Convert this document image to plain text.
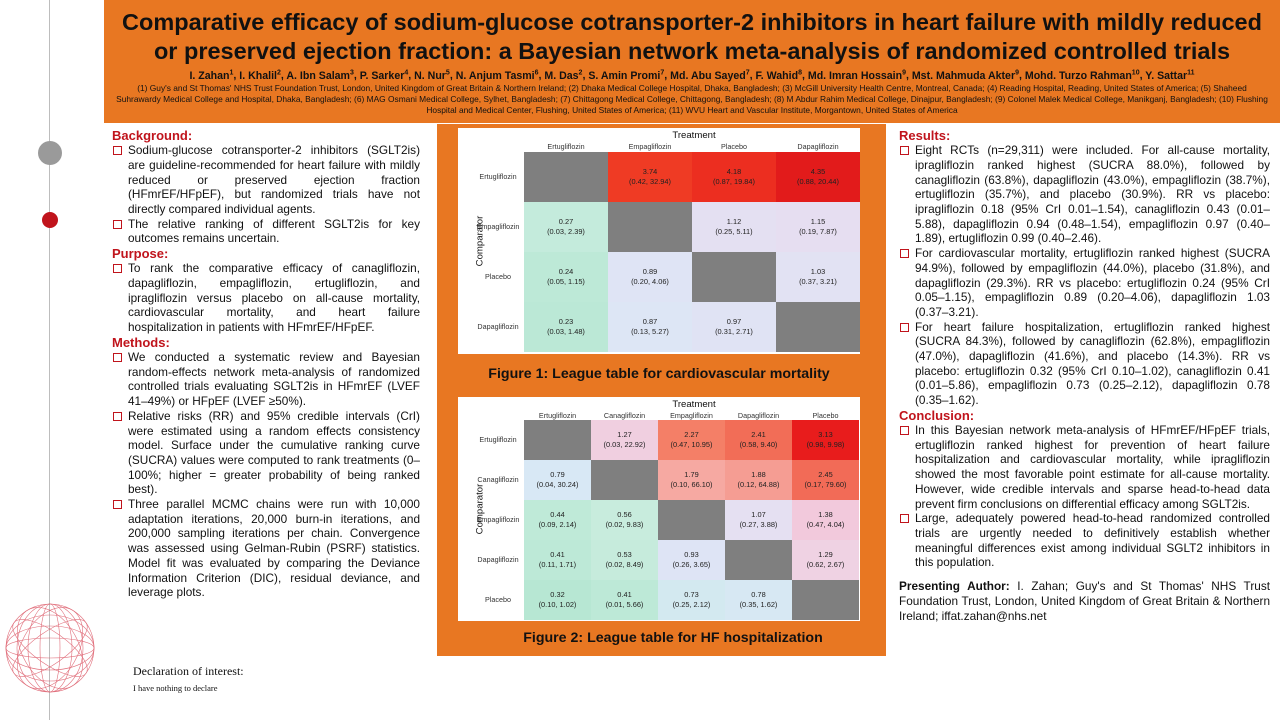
Comparative efficacy of sodium-glucose cotransporter-2 inhibitors in heart failure with mildly reduced
or preserved ejection fraction: a Bayesian network meta-analysis of randomized controlled trials
I. Zahan$^1$, I. Khalil$^2$, A. Ibn Salam$^3$, P. Sarker$^4$, N. Nur$^5$, N. Anjum Tasmi$^6$, M. Das$^2$, S. Amin Promi$^7$, Md. Abu Sayed$^7$, F. Wahid$^8$, Md. Imran Hossain$^9$, Mst. Mahmuda Akter$^9$, Mohd. Turzo Rahman$^{10}$, Y. Sattar$^{11}$
(1) Guy's and St Thomas' NHS Trust Foundation Trust, London, United Kingdom of Great Britain & Northern Ireland; (2) Dhaka Medical College Hospital, Dhaka, Bangladesh; (3) McGill University Health Centre, Montreal, Canada; (4) Reading Hospital, Reading, United States of America; (5) Shaheed Suhrawardy Medical College and Hospital, Dhaka, Bangladesh; (6) MAG Osmani Medical College, Sylhet, Bangladesh; (7) Chittagong Medical College, Chittagong, Bangladesh; (8) M Abdur Rahim Medical College, Dinajpur, Bangladesh; (9) Colonel Malek Medical College, Manikganj, Bangladesh; (10) Flushing Hospital and Medical Center, Flushing, United States of America; (11) WVU Heart and Vascular Institute, Morgantown, United States of America
Background:
Sodium-glucose cotransporter-2 inhibitors (SGLT2is) are guideline-recommended for heart failure with mildly reduced or preserved ejection fraction (HFmrEF/HFpEF), but randomized trials have not directly compared individual agents.
The relative ranking of different SGLT2is for key outcomes remains uncertain.
Purpose:
To rank the comparative efficacy of canagliflozin, dapagliflozin, empagliflozin, ertugliflozin, and ipragliflozin versus placebo on all-cause mortality, cardiovascular mortality, and heart failure hospitalization in patients with HFmrEF/HFpEF.
Methods:
We conducted a systematic review and Bayesian random-effects network meta-analysis of randomized controlled trials evaluating SGLT2is in HFmrEF (LVEF 41–49%) or HFpEF (LVEF ≥50%).
Relative risks (RR) and 95% credible intervals (CrI) were estimated using a random effects consistency model. Surface under the cumulative ranking curve (SUCRA) values were computed to rank treatments (0–100%; higher = greater probability of being ranked best).
Three parallel MCMC chains were run with 10,000 adaptation iterations, 20,000 burn-in iterations, and 200,000 sampling iterations per chain. Convergence was assessed using Gelman-Rubin (PSRF) statistics. Model fit was evaluated by comparing the Deviance Information Criterion (DIC), residual deviance, and leverage plots.
Treatment
Comparator
Ertugliflozin
Ertugliflozin
Empagliflozin
Empagliflozin
Placebo
Placebo
Dapagliflozin
Dapagliflozin
3.74
(0.42, 32.94)
4.18
(0.87, 19.84)
4.35
(0.88, 20.44)
0.27
(0.03, 2.39)
1.12
(0.25, 5.11)
1.15
(0.19, 7.87)
0.24
(0.05, 1.15)
0.89
(0.20, 4.06)
1.03
(0.37, 3.21)
0.23
(0.03, 1.48)
0.87
(0.13, 5.27)
0.97
(0.31, 2.71)
Figure 1: League table for cardiovascular mortality
Treatment
Comparator
Ertugliflozin
Ertugliflozin
Canagliflozin
Canagliflozin
Empagliflozin
Empagliflozin
Dapagliflozin
Dapagliflozin
Placebo
Placebo
1.27
(0.03, 22.92)
2.27
(0.47, 10.95)
2.41
(0.58, 9.40)
3.13
(0.98, 9.98)
0.79
(0.04, 30.24)
1.79
(0.10, 66.10)
1.88
(0.12, 64.88)
2.45
(0.17, 79.60)
0.44
(0.09, 2.14)
0.56
(0.02, 9.83)
1.07
(0.27, 3.88)
1.38
(0.47, 4.04)
0.41
(0.11, 1.71)
0.53
(0.02, 8.49)
0.93
(0.26, 3.65)
1.29
(0.62, 2.67)
0.32
(0.10, 1.02)
0.41
(0.01, 5.66)
0.73
(0.25, 2.12)
0.78
(0.35, 1.62)
Figure 2: League table for HF hospitalization
Results:
Eight RCTs (n=29,311) were included. For all-cause mortality, ipragliflozin ranked highest (SUCRA 88.0%), followed by canagliflozin (63.8%), dapagliflozin (43.0%), empagliflozin (38.7%), ertugliflozin (35.7%), and placebo (30.9%). RR vs placebo: ipragliflozin 0.18 (95% CrI 0.01–1.54), canagliflozin 0.43 (0.01–5.88), dapagliflozin 0.94 (0.48–1.54), empagliflozin 0.97 (0.40–1.89), ertugliflozin 0.99 (0.40–2.46).
For cardiovascular mortality, ertugliflozin ranked highest (SUCRA 94.9%), followed by empagliflozin (44.0%), placebo (31.8%), and dapagliflozin (29.3%). RR vs placebo: ertugliflozin 0.24 (95% CrI 0.05–1.15), empagliflozin 0.89 (0.20–4.06), dapagliflozin 1.03 (0.37–3.21).
For heart failure hospitalization, ertugliflozin ranked highest (SUCRA 84.3%), followed by canagliflozin (62.8%), empagliflozin (47.0%), dapagliflozin (41.6%), and placebo (14.3%). RR vs placebo: ertugliflozin 0.32 (95% CrI 0.10–1.02), canagliflozin 0.41 (0.01–5.86), empagliflozin 0.73 (0.25–2.12), dapagliflozin 0.78 (0.35–1.62).
Conclusion:
In this Bayesian network meta-analysis of HFmrEF/HFpEF trials, ertugliflozin ranked highest for prevention of heart failure hospitalization and cardiovascular mortality, while ipragliflozin showed the most favorable point estimate for all-cause mortality. However, wide credible intervals and sparse head-to-head data prevent firm conclusions on differential efficacy among SGLT2is.
Large, adequately powered head-to-head randomized controlled trials are urgently needed to definitively establish whether meaningful differences exist among individual SGLT2 inhibitors in this population.
Presenting Author: I. Zahan; Guy's and St Thomas' NHS Trust Foundation Trust, London, United Kingdom of Great Britain & Northern Ireland; iffat.zahan@nhs.net
Declaration of interest:
I have nothing to declare
